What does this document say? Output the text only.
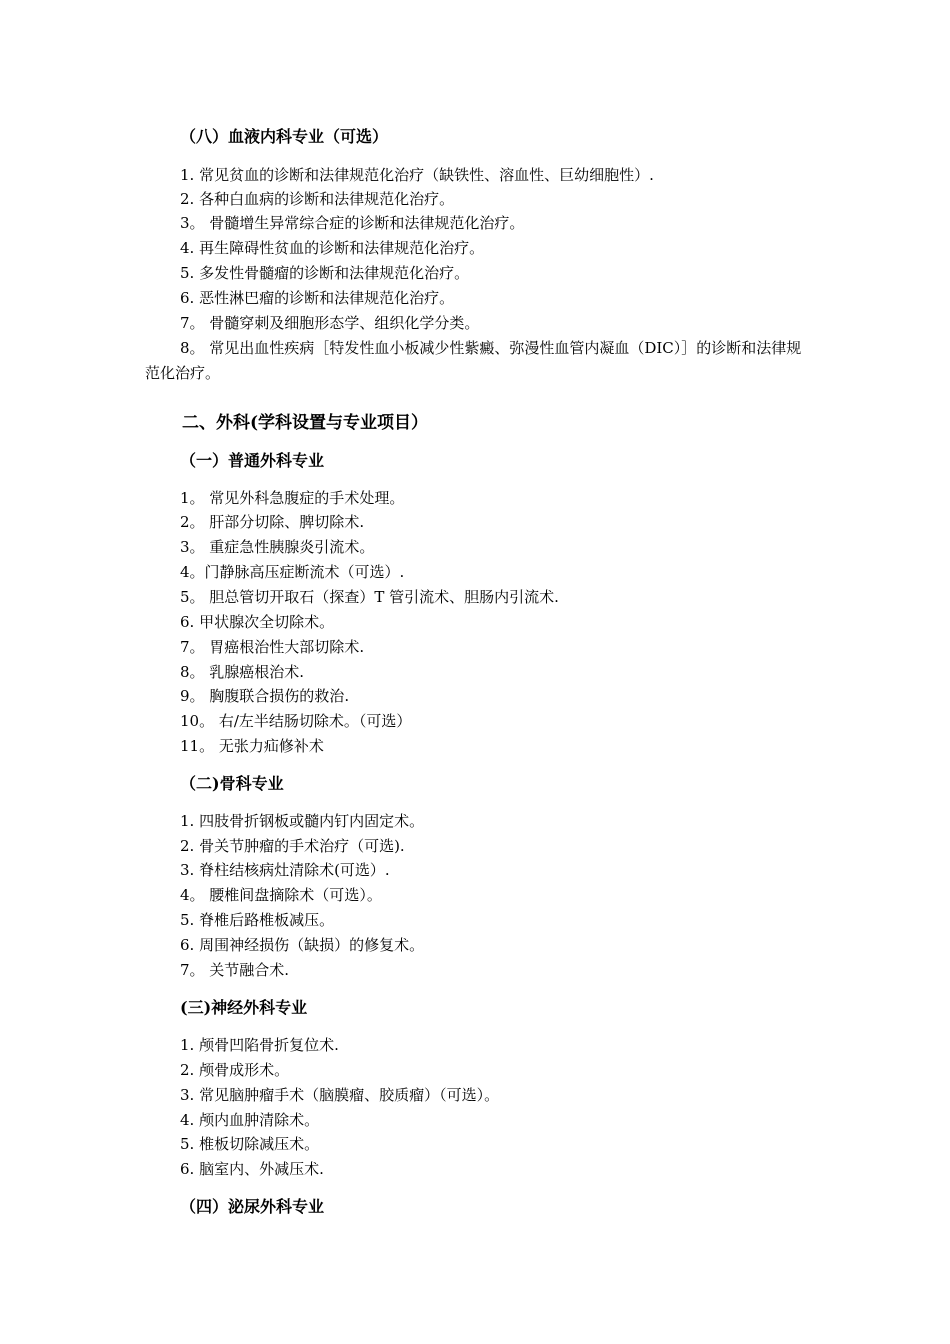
（八）血液内科专业（可选）
1. 常见贫血的诊断和法律规范化治疗（缺铁性、溶血性、巨幼细胞性）.
2. 各种白血病的诊断和法律规范化治疗。
3。 骨髓增生异常综合症的诊断和法律规范化治疗。
4. 再生障碍性贫血的诊断和法律规范化治疗。
5. 多发性骨髓瘤的诊断和法律规范化治疗。
6. 恶性淋巴瘤的诊断和法律规范化治疗。
7。 骨髓穿刺及细胞形态学、组织化学分类。
8。 常见出血性疾病［特发性血小板减少性紫癜、弥漫性血管内凝血（DIC）］的诊断和法律规范化治疗。
二、外科(学科设置与专业项目）
（一）普通外科专业
1。 常见外科急腹症的手术处理。
2。 肝部分切除、脾切除术.
3。 重症急性胰腺炎引流术。
4。门静脉高压症断流术（可选）.
5。 胆总管切开取石（探查）T 管引流术、胆肠内引流术.
6. 甲状腺次全切除术。
7。 胃癌根治性大部切除术.
8。 乳腺癌根治术.
9。 胸腹联合损伤的救治.
10。 右/左半结肠切除术。（可选）
11。 无张力疝修补术
（二)骨科专业
1. 四肢骨折钢板或髓内钉内固定术。
2. 骨关节肿瘤的手术治疗（可选).
3. 脊柱结核病灶清除术(可选）.
4。 腰椎间盘摘除术（可选）。
5. 脊椎后路椎板减压。
6. 周围神经损伤（缺损）的修复术。
7。 关节融合术.
(三)神经外科专业
1. 颅骨凹陷骨折复位术.
2. 颅骨成形术。
3. 常见脑肿瘤手术（脑膜瘤、胶质瘤）（可选）。
4. 颅内血肿清除术。
5. 椎板切除减压术。
6. 脑室内、外减压术.
（四）泌尿外科专业
